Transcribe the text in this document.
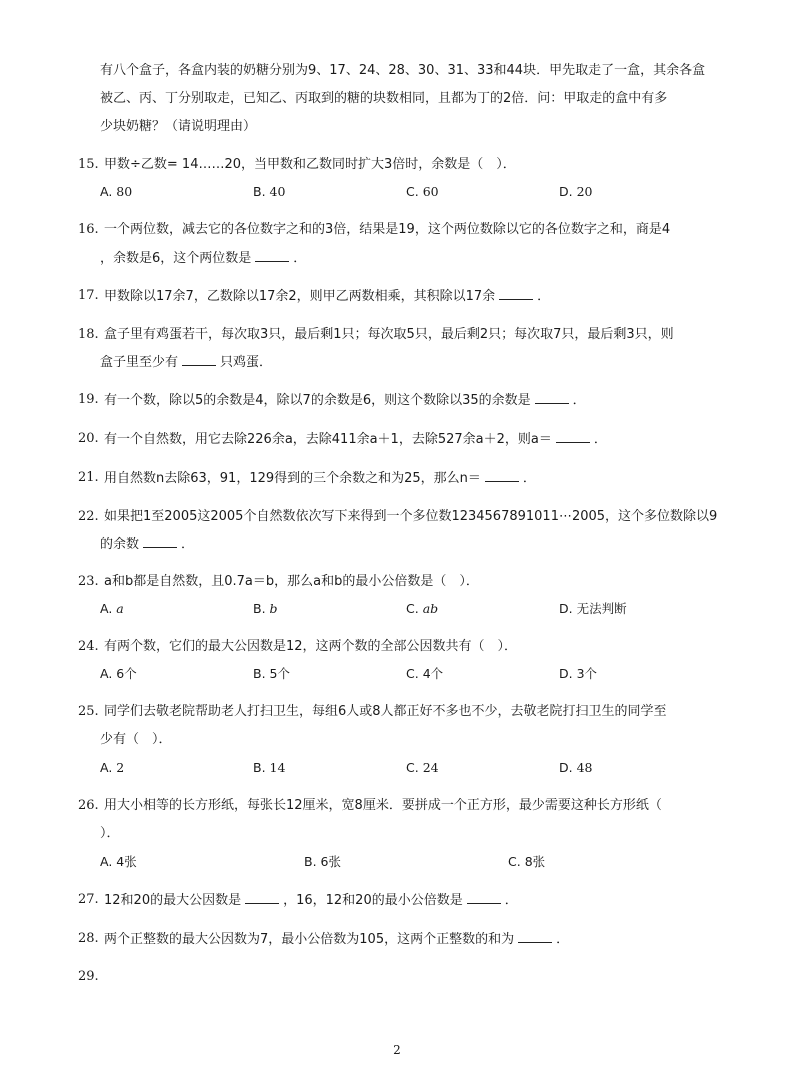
有八个盒子，各盒内装的奶糖分别为9、17、24、28、30、31、33和44块．甲先取走了一盒，其余各盒
被乙、丙、丁分别取走，已知乙、丙取到的糖的块数相同，且都为丁的2倍．问：甲取走的盒中有多
少块奶糖？（请说明理由）
15. 甲数÷乙数= 14……20，当甲数和乙数同时扩大3倍时，余数是（　）．
A. 80	B. 40	C. 60	D. 20
16. 一个两位数，减去它的各位数字之和的3倍，结果是19，这个两位数除以它的各位数字之和，商是4
，余数是6，这个两位数是	．
17. 甲数除以17余7，乙数除以17余2，则甲乙两数相乘，其积除以17余	．
18. 盒子里有鸡蛋若干，每次取3只，最后剩1只；每次取5只，最后剩2只；每次取7只，最后剩3只，则
盒子里至少有	只鸡蛋．
19. 有一个数，除以5的余数是4，除以7的余数是6，则这个数除以35的余数是	．
20. 有一个自然数，用它去除226余a，去除411余a＋1，去除527余a＋2，则a＝	．
21. 用自然数n去除63，91，129得到的三个余数之和为25，那么n＝	．
22. 如果把1至2005这2005个自然数依次写下来得到一个多位数1234567891011⋯2005，这个多位数除以9
的余数	．
23. a和b都是自然数，且0.7a＝b，那么a和b的最小公倍数是（　）．
A. a	B. b	C. ab	D. 无法判断
24. 有两个数，它们的最大公因数是12，这两个数的全部公因数共有（　）．
A. 6个	B. 5个	C. 4个	D. 3个
25. 同学们去敬老院帮助老人打扫卫生，每组6人或8人都正好不多也不少，去敬老院打扫卫生的同学至
少有（　）．
A. 2	B. 14	C. 24	D. 48
26. 用大小相等的长方形纸，每张长12厘米，宽8厘米．要拼成一个正方形，最少需要这种长方形纸（
）．
A. 4张	B. 6张	C. 8张
27. 12和20的最大公因数是	，16，12和20的最小公倍数是	．
28. 两个正整数的最大公因数为7，最小公倍数为105，这两个正整数的和为	．
29.
2
